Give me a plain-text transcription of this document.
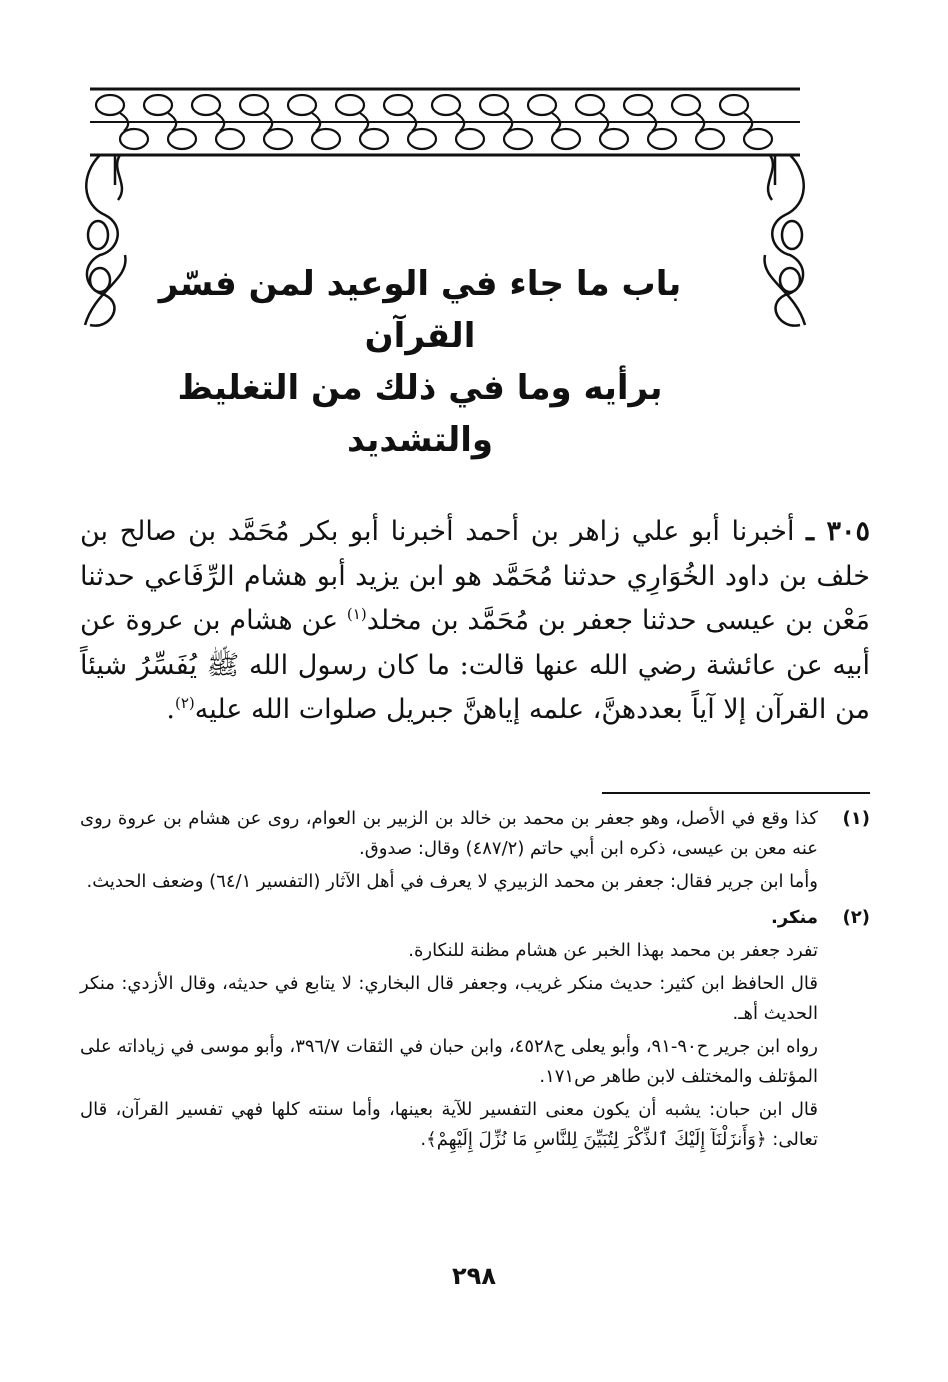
باب ما جاء في الوعيد لمن فسّر القرآن
برأيه وما في ذلك من التغليظ والتشديد
٣٠٥ ـ أخبرنا أبو علي زاهر بن أحمد أخبرنا أبو بكر مُحَمَّد بن صالح بن خلف بن داود الخُوَارِي حدثنا مُحَمَّد هو ابن يزيد أبو هشام الرِّفَاعي حدثنا مَعْن بن عيسى حدثنا جعفر بن مُحَمَّد بن مخلد$^{(١)}$ عن هشام بن عروة عن أبيه عن عائشة رضي الله عنها قالت: ما كان رسول الله ﷺ يُفَسِّرُ شيئاً من القرآن إلا آياً بعددهنَّ، علمه إياهنَّ جبريل صلوات الله عليه$^{(٢)}$.
(١)

كذا وقع في الأصل، وهو جعفر بن محمد بن خالد بن الزبير بن العوام، روى عن هشام بن عروة روى عنه معن بن عيسى، ذكره ابن أبي حاتم (٤٨٧/٢) وقال: صدوق.

وأما ابن جرير فقال: جعفر بن محمد الزبيري لا يعرف في أهل الآثار (التفسير ٦٤/١) وضعف الحديث.

(٢)

منكر.

تفرد جعفر بن محمد بهذا الخبر عن هشام مظنة للنكارة.

قال الحافظ ابن كثير: حديث منكر غريب، وجعفر قال البخاري: لا يتابع في حديثه، وقال الأزدي: منكر الحديث أهـ.

رواه ابن جرير ح٩٠-٩١، وأبو يعلى ح٤٥٢٨، وابن حبان في الثقات ٣٩٦/٧، وأبو موسى في زياداته على المؤتلف والمختلف لابن طاهر ص١٧١.

قال ابن حبان: يشبه أن يكون معنى التفسير للآية بعينها، وأما سنته كلها فهي تفسير القرآن، قال تعالى: ﴿وَأَنزَلْنَآ إِلَيْكَ ٱلذِّكْرَ لِتُبَيِّنَ لِلنَّاسِ مَا نُزِّلَ إِلَيْهِمْ﴾.

٢٩٨
